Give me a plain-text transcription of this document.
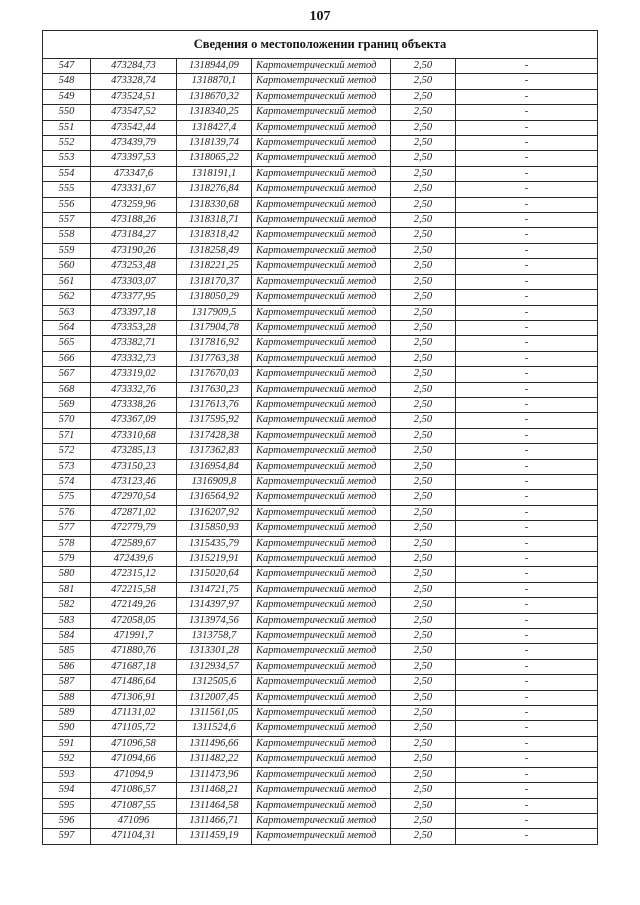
107
Сведения о местоположении границ объекта					
547	473284,73	1318944,09	Картометрический метод	2,50	-
548	473328,74	1318870,1	Картометрический метод	2,50	-
549	473524,51	1318670,32	Картометрический метод	2,50	-
550	473547,52	1318340,25	Картометрический метод	2,50	-
551	473542,44	1318427,4	Картометрический метод	2,50	-
552	473439,79	1318139,74	Картометрический метод	2,50	-
553	473397,53	1318065,22	Картометрический метод	2,50	-
554	473347,6	1318191,1	Картометрический метод	2,50	-
555	473331,67	1318276,84	Картометрический метод	2,50	-
556	473259,96	1318330,68	Картометрический метод	2,50	-
557	473188,26	1318318,71	Картометрический метод	2,50	-
558	473184,27	1318318,42	Картометрический метод	2,50	-
559	473190,26	1318258,49	Картометрический метод	2,50	-
560	473253,48	1318221,25	Картометрический метод	2,50	-
561	473303,07	1318170,37	Картометрический метод	2,50	-
562	473377,95	1318050,29	Картометрический метод	2,50	-
563	473397,18	1317909,5	Картометрический метод	2,50	-
564	473353,28	1317904,78	Картометрический метод	2,50	-
565	473382,71	1317816,92	Картометрический метод	2,50	-
566	473332,73	1317763,38	Картометрический метод	2,50	-
567	473319,02	1317670,03	Картометрический метод	2,50	-
568	473332,76	1317630,23	Картометрический метод	2,50	-
569	473338,26	1317613,76	Картометрический метод	2,50	-
570	473367,09	1317595,92	Картометрический метод	2,50	-
571	473310,68	1317428,38	Картометрический метод	2,50	-
572	473285,13	1317362,83	Картометрический метод	2,50	-
573	473150,23	1316954,84	Картометрический метод	2,50	-
574	473123,46	1316909,8	Картометрический метод	2,50	-
575	472970,54	1316564,92	Картометрический метод	2,50	-
576	472871,02	1316207,92	Картометрический метод	2,50	-
577	472779,79	1315850,93	Картометрический метод	2,50	-
578	472589,67	1315435,79	Картометрический метод	2,50	-
579	472439,6	1315219,91	Картометрический метод	2,50	-
580	472315,12	1315020,64	Картометрический метод	2,50	-
581	472215,58	1314721,75	Картометрический метод	2,50	-
582	472149,26	1314397,97	Картометрический метод	2,50	-
583	472058,05	1313974,56	Картометрический метод	2,50	-
584	471991,7	1313758,7	Картометрический метод	2,50	-
585	471880,76	1313301,28	Картометрический метод	2,50	-
586	471687,18	1312934,57	Картометрический метод	2,50	-
587	471486,64	1312505,6	Картометрический метод	2,50	-
588	471306,91	1312007,45	Картометрический метод	2,50	-
589	471131,02	1311561,05	Картометрический метод	2,50	-
590	471105,72	1311524,6	Картометрический метод	2,50	-
591	471096,58	1311496,66	Картометрический метод	2,50	-
592	471094,66	1311482,22	Картометрический метод	2,50	-
593	471094,9	1311473,96	Картометрический метод	2,50	-
594	471086,57	1311468,21	Картометрический метод	2,50	-
595	471087,55	1311464,58	Картометрический метод	2,50	-
596	471096	1311466,71	Картометрический метод	2,50	-
597	471104,31	1311459,19	Картометрический метод	2,50	-
